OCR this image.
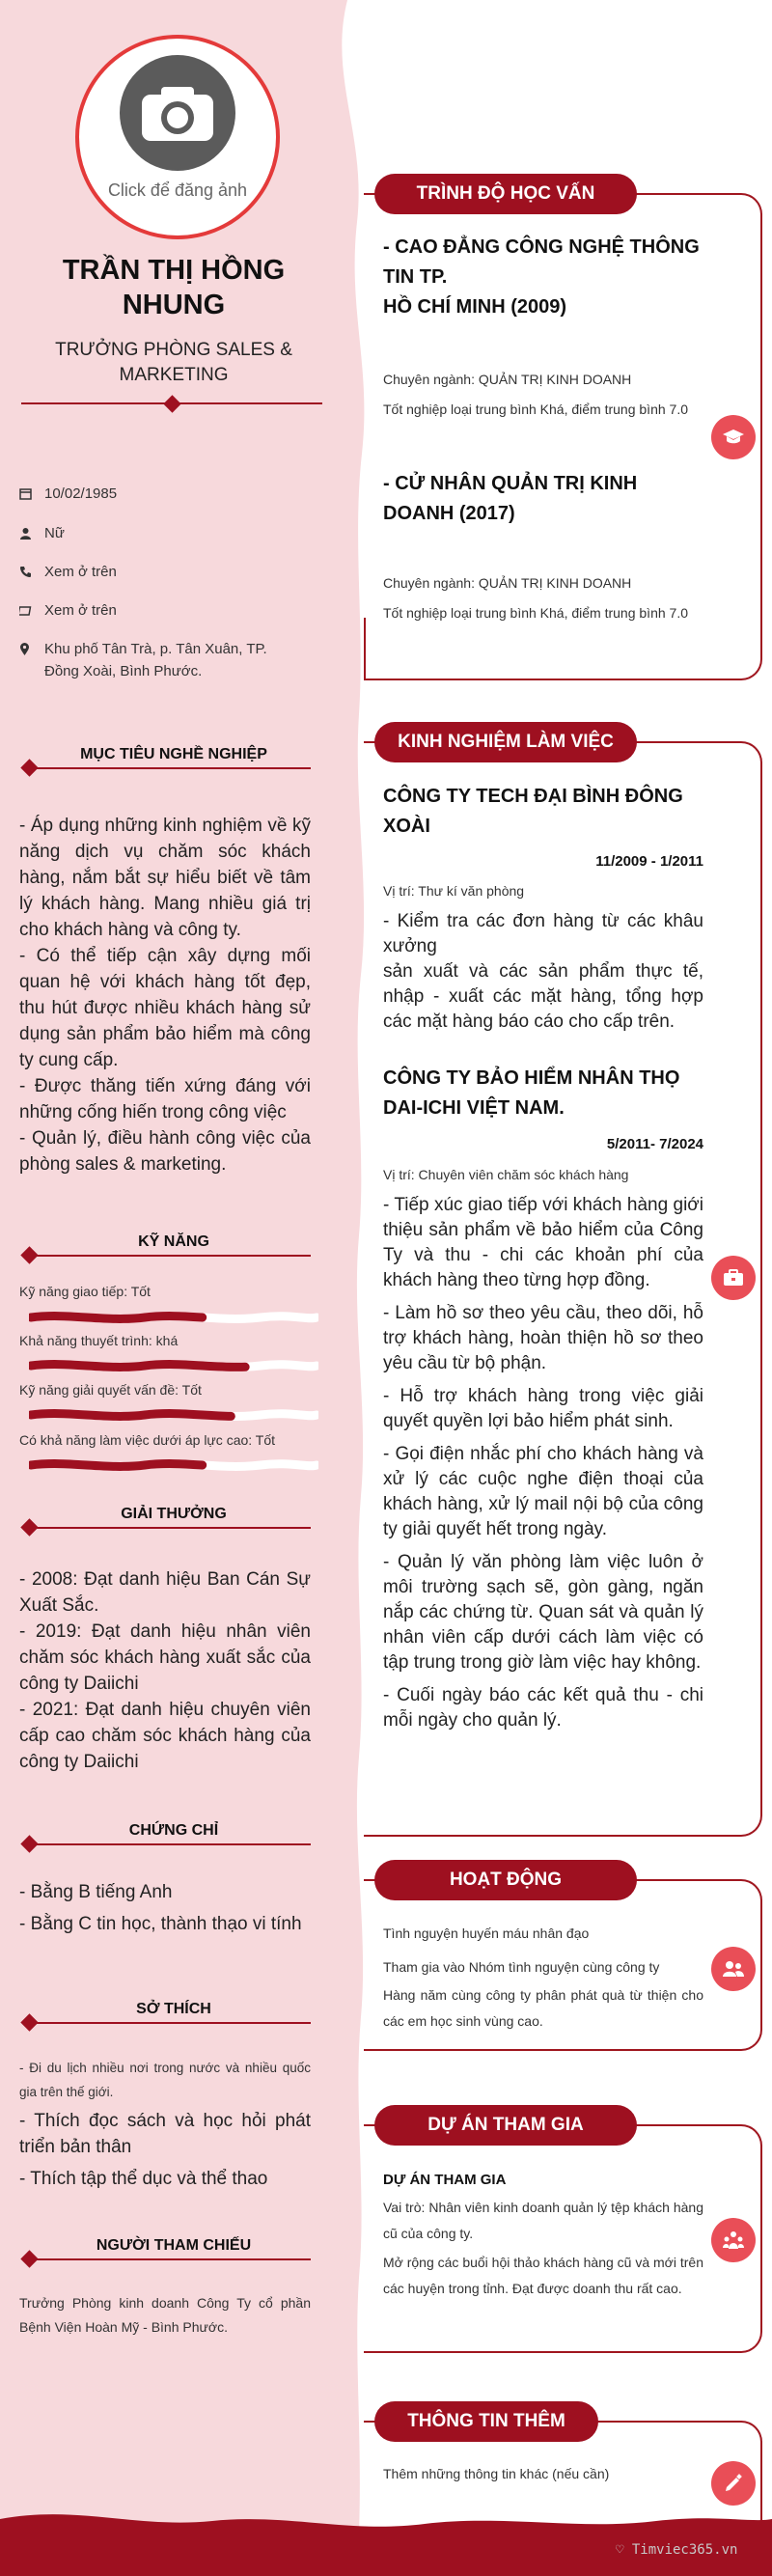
♡ Timviec365.vn
Click để đăng ảnh
TRẦN THỊ HỒNG
NHUNG
TRƯỞNG PHÒNG SALES &
MARKETING
10/02/1985
Nữ
Xem ở trên
Xem ở trên
Khu phố Tân Trà, p. Tân Xuân, TP.
Đồng Xoài, Bình Phước.
MỤC TIÊU NGHỀ NGHIỆP
- Áp dụng những kinh nghiệm về kỹ năng dịch vụ chăm sóc khách hàng, nắm bắt sự hiểu biết về tâm lý khách hàng. Mang nhiều giá trị cho khách hàng và công ty.
- Có thể tiếp cận xây dựng mối quan hệ với khách hàng tốt đẹp, thu hút được nhiều khách hàng sử dụng sản phẩm bảo hiểm mà công ty cung cấp.
- Được thăng tiến xứng đáng với những cống hiến trong công việc
- Quản lý, điều hành công việc của phòng sales & marketing.
KỸ NĂNG
Kỹ năng giao tiếp: Tốt
Khả năng thuyết trình: khá
Kỹ năng giải quyết vấn đề: Tốt
Có khả năng làm việc dưới áp lực cao: Tốt
GIẢI THƯỞNG
- 2008: Đạt danh hiệu Ban Cán Sự Xuất Sắc.
- 2019: Đạt danh hiệu nhân viên chăm sóc khách hàng xuất sắc của công ty Daiichi
- 2021: Đạt danh hiệu chuyên viên cấp cao chăm sóc khách hàng của công ty Daiichi
CHỨNG CHỈ
- Bằng B tiếng Anh
- Bằng C tin học, thành thạo vi tính
SỞ THÍCH
- Đi du lịch nhiều nơi trong nước và nhiều quốc gia trên thế giới.
- Thích đọc sách và học hỏi phát triển bản thân
- Thích tập thể dục và thể thao
NGƯỜI THAM CHIẾU
Trưởng Phòng kinh doanh Công Ty cổ phần Bệnh Viện Hoàn Mỹ - Bình Phước.
TRÌNH ĐỘ HỌC VẤN
- CAO ĐẲNG CÔNG NGHỆ THÔNG
TIN TP.
HỒ CHÍ MINH (2009)
Chuyên ngành: QUẢN TRỊ KINH DOANH
Tốt nghiệp loại trung bình Khá, điểm trung bình 7.0
- CỬ NHÂN QUẢN TRỊ KINH
DOANH (2017)
Chuyên ngành: QUẢN TRỊ KINH DOANH
Tốt nghiệp loại trung bình Khá, điểm trung bình 7.0
KINH NGHIỆM LÀM VIỆC
CÔNG TY TECH ĐẠI BÌNH ĐÔNG
XOÀI
11/2009 - 1/2011
Vị trí: Thư kí văn phòng
- Kiểm tra các đơn hàng từ các khâu xưởng
sản xuất và các sản phẩm thực tế, nhập - xuất các mặt hàng, tổng hợp các mặt hàng báo cáo cho cấp trên.
CÔNG TY BẢO HIỂM NHÂN THỌ
DAI-ICHI VIỆT NAM.
5/2011- 7/2024
Vị trí: Chuyên viên chăm sóc khách hàng

- Tiếp xúc giao tiếp với khách hàng giới thiệu sản phẩm về bảo hiểm của Công Ty và thu - chi các khoản phí của khách hàng theo từng hợp đồng.

- Làm hồ sơ theo yêu cầu, theo dõi, hỗ trợ khách hàng, hoàn thiện hồ sơ theo yêu cầu từ bộ phận.

- Hỗ trợ khách hàng trong việc giải quyết quyền lợi bảo hiểm phát sinh.

- Gọi điện nhắc phí cho khách hàng và xử lý các cuộc nghe điện thoại của khách hàng, xử lý mail nội bộ của công ty giải quyết hết trong ngày.

- Quản lý văn phòng làm việc luôn ở môi trường sạch sẽ, gòn gàng, ngăn nắp các chứng từ. Quan sát và quản lý nhân viên cấp dưới cách làm việc có tập trung trong giờ làm việc hay không.

- Cuối ngày báo các kết quả thu - chi mỗi ngày cho quản lý.

HOẠT ĐỘNG
Tình nguyện huyến máu nhân đạo
Tham gia vào Nhóm tình nguyện cùng công ty
Hàng năm cùng công ty phân phát quà từ thiện cho các em học sinh vùng cao.
DỰ ÁN THAM GIA
DỰ ÁN THAM GIA
Vai trò: Nhân viên kinh doanh quản lý tệp khách hàng cũ của công ty.
Mở rộng các buổi hội thảo khách hàng cũ và mới trên các huyện trong tỉnh. Đạt được doanh thu rất cao.
THÔNG TIN THÊM
Thêm những thông tin khác (nếu cần)
